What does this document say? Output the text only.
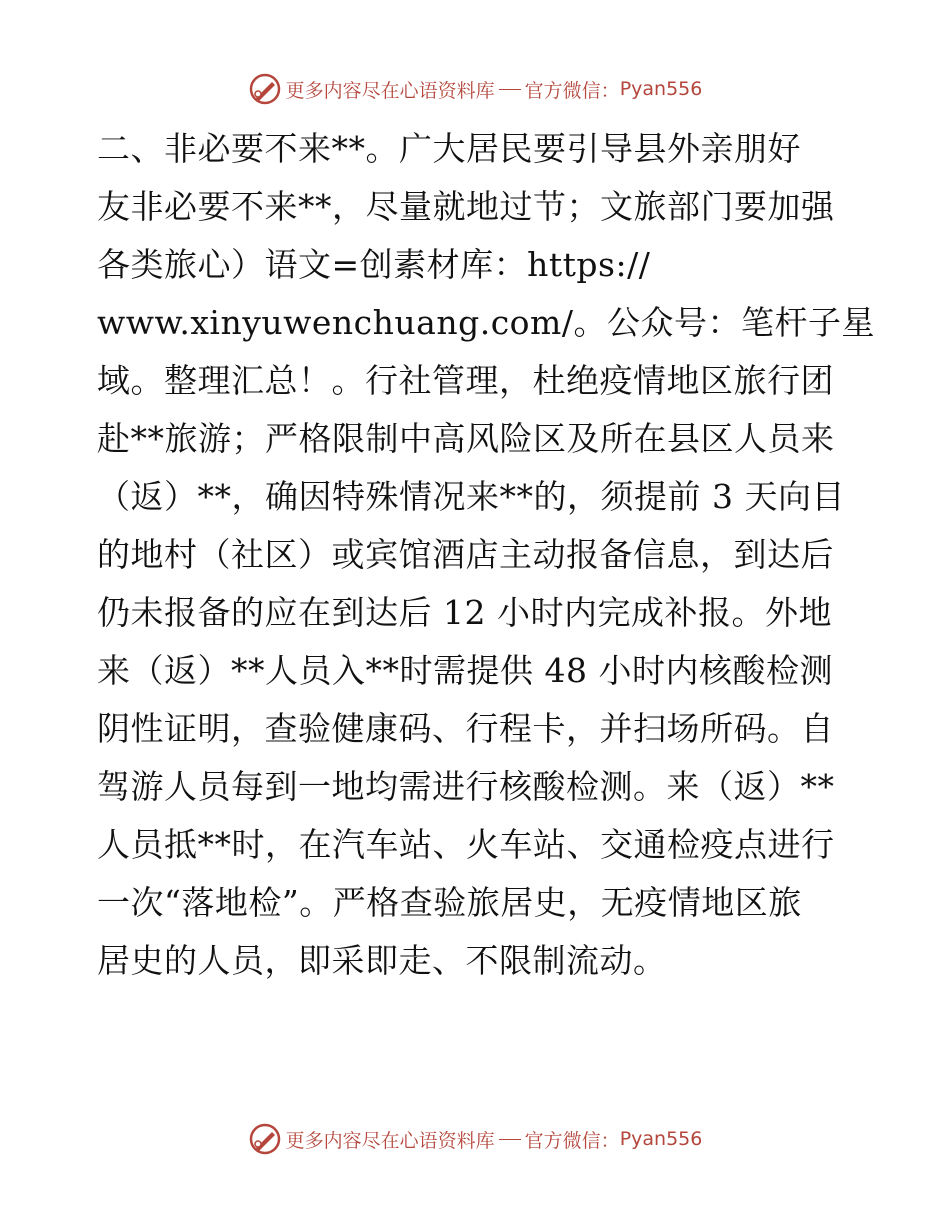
更多内容尽在心语资料库 官方微信： Pyan556
二、非必要不来**。广大居民要引导县外亲朋好
友非必要不来**，尽量就地过节；文旅部门要加强
各类旅心）语文=创素材库：https://
www.xinyuwenchuang.com/。公众号：笔杆子星
域。整理汇总！。行社管理，杜绝疫情地区旅行团
赴**旅游；严格限制中高风险区及所在县区人员来
（返）**，确因特殊情况来**的，须提前 3 天向目
的地村（社区）或宾馆酒店主动报备信息，到达后
仍未报备的应在到达后 12 小时内完成补报。外地
来（返）**人员入**时需提供 48 小时内核酸检测
阴性证明，查验健康码、行程卡，并扫场所码。自
驾游人员每到一地均需进行核酸检测。来（返）**
人员抵**时，在汽车站、火车站、交通检疫点进行
一次“落地检”。严格查验旅居史，无疫情地区旅
居史的人员，即采即走、不限制流动。
更多内容尽在心语资料库 官方微信： Pyan556
